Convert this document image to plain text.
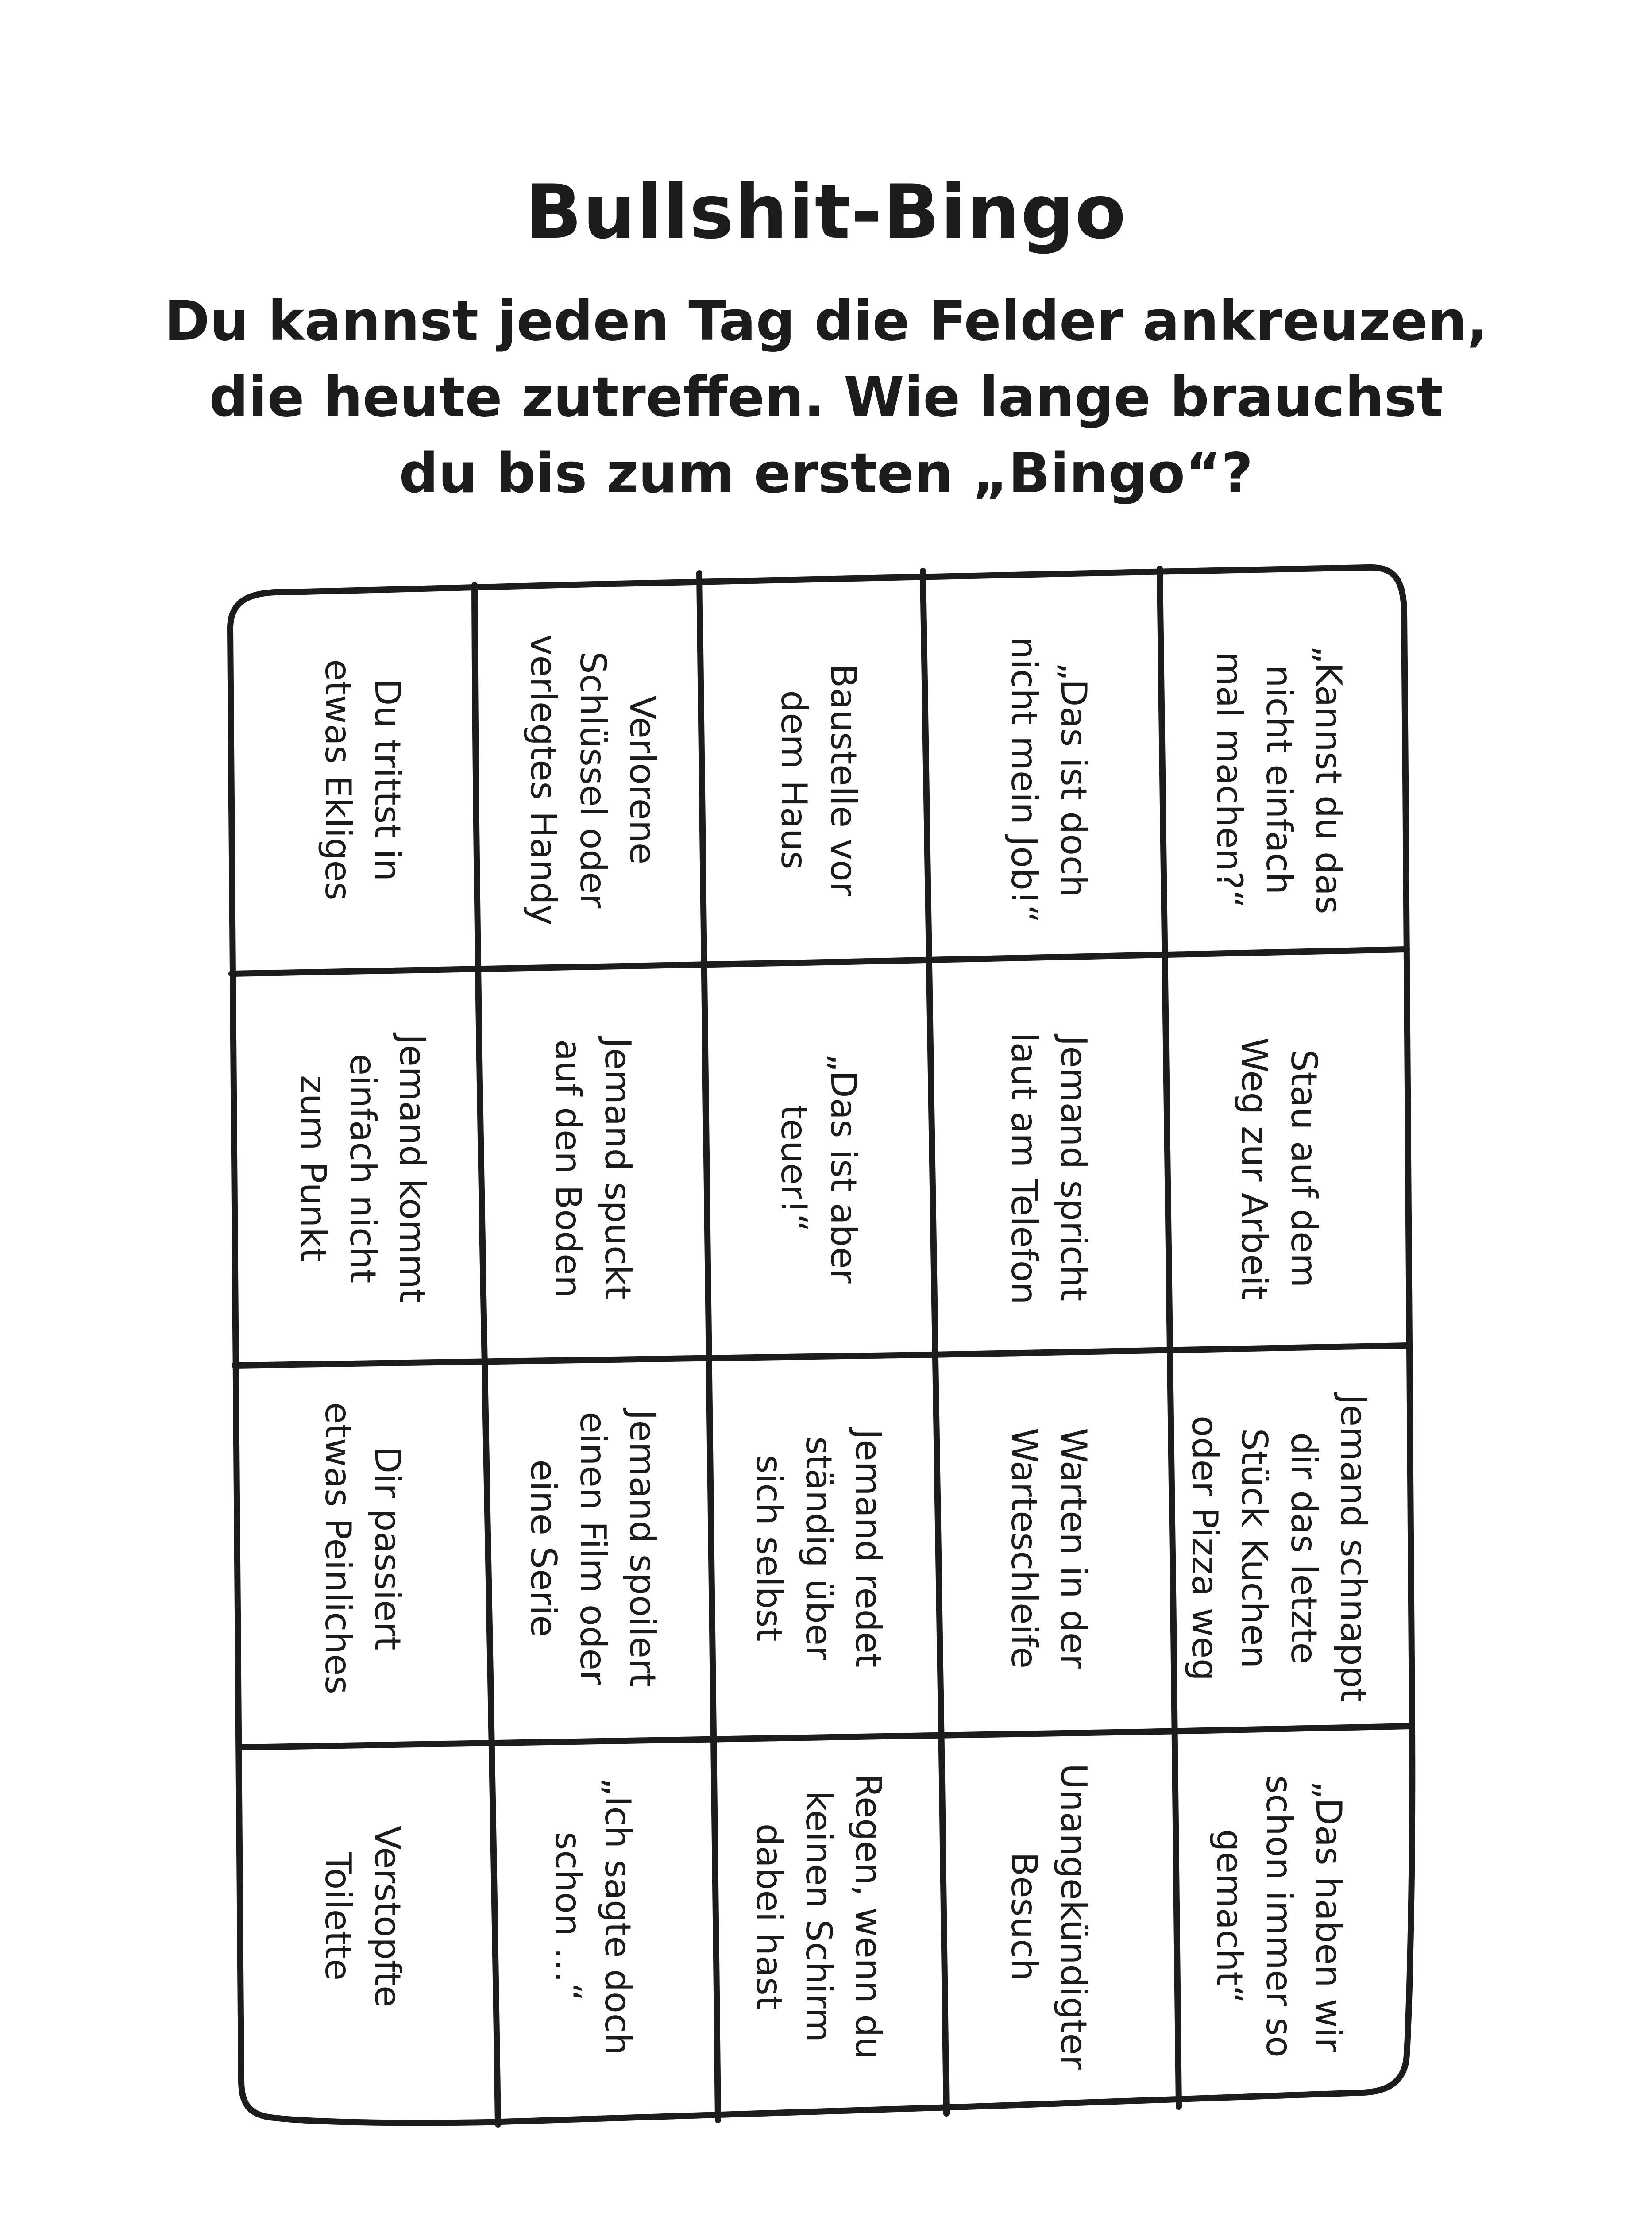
Bullshit-Bingo
Du kannst jeden Tag die Felder ankreuzen,
die heute zutreffen. Wie lange brauchst
du bis zum ersten „Bingo“?
Du trittst inetwas Ekliges
Jemand kommteinfach nichtzum Punkt
Dir passiertetwas Peinliches
VerstopfteToilette
VerloreneSchlüssel oderverlegtes Handy
Jemand spucktauf den Boden
Jemand spoilerteinen Film odereine Serie
„Ich sagte dochschon …“
Baustelle vordem Haus
„Das ist aberteuer!“
Jemand redetständig übersich selbst
Regen, wenn dukeinen Schirmdabei hast
„Das ist dochnicht mein Job!“
Jemand sprichtlaut am Telefon
Warten in derWarteschleife
UnangekündigterBesuch
„Kannst du dasnicht einfachmal machen?“
Stau auf demWeg zur Arbeit
Jemand schnapptdir das letzteStück Kuchenoder Pizza weg
„Das haben wirschon immer sogemacht“
